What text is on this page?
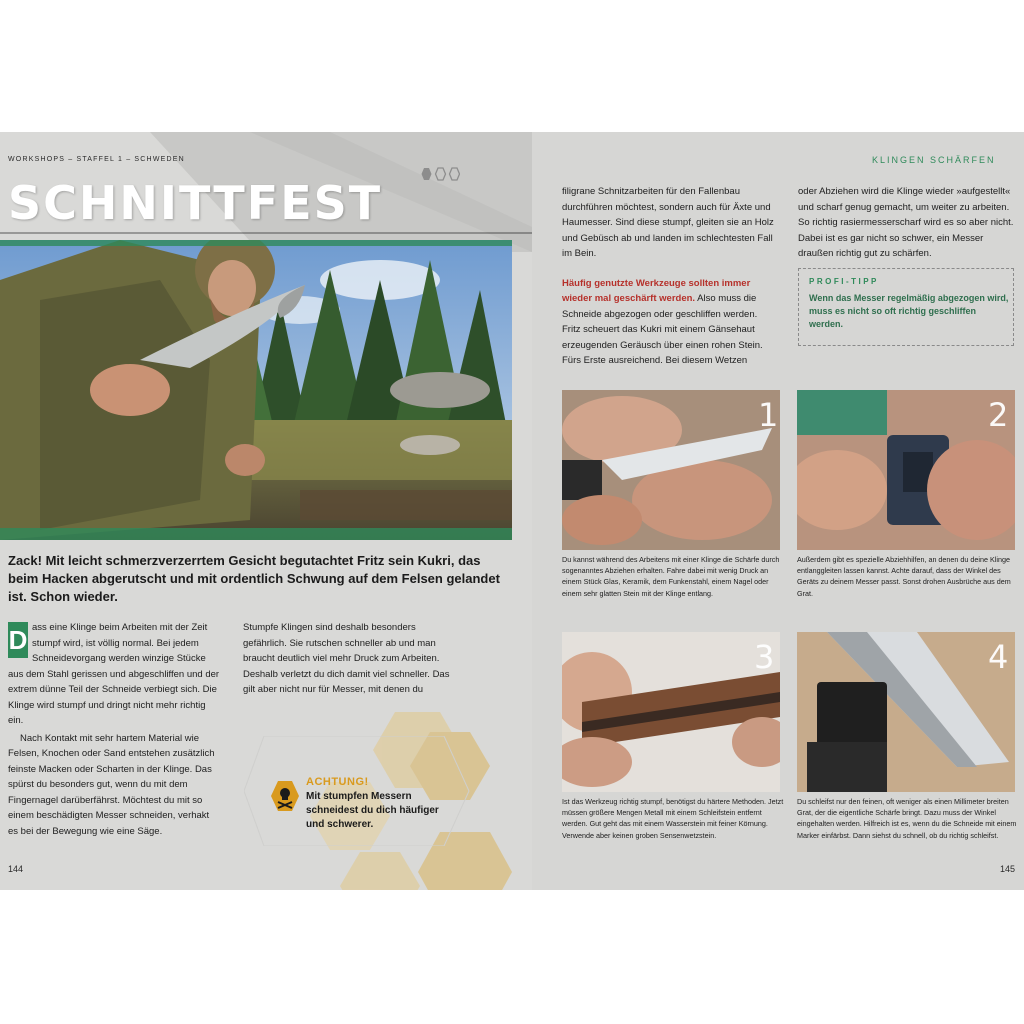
WORKSHOPS – STAFFEL 1 – SCHWEDEN
SCHNITTFEST
Zack! Mit leicht schmerzverzerrtem Gesicht begutachtet Fritz sein Kukri, das beim Hacken abgerutscht und mit ordentlich Schwung auf dem Felsen gelandet ist. Schon wieder.

D ass eine Klinge beim Arbeiten mit der Zeit stumpf wird, ist völlig normal. Bei jedem Schneidevorgang werden winzige Stücke aus dem Stahl gerissen und abgeschliffen und der extrem dünne Teil der Schneide verbiegt sich. Die Klinge wird stumpf und dringt nicht mehr richtig ein.

Nach Kontakt mit sehr hartem Material wie Felsen, Knochen oder Sand entstehen zusätzlich feinste Macken oder Scharten in der Klinge. Das spürst du besonders gut, wenn du mit dem Fingernagel darüberfährst. Möchtest du mit so einem beschädigten Messer schneiden, verhakt es bei der Bewegung wie eine Säge.

Stumpfe Klingen sind deshalb besonders gefährlich. Sie rutschen schneller ab und man braucht deutlich viel mehr Druck zum Arbeiten. Deshalb verletzt du dich damit viel schneller. Das gilt aber nicht nur für Messer, mit denen du

ACHTUNG!
Mit stumpfen Messern schneidest du dich häufiger und schwerer.
144
KLINGEN SCHÄRFEN

filigrane Schnitzarbeiten für den Fallenbau durchführen möchtest, sondern auch für Äxte und Haumesser. Sind diese stumpf, gleiten sie an Holz und Gebüsch ab und landen im schlechtesten Fall im Bein.

Häufig genutzte Werkzeuge sollten immer wieder mal geschärft werden. Also muss die Schneide abgezogen oder geschliffen werden. Fritz scheuert das Kukri mit einem Gänsehaut erzeugenden Geräusch über einen rohen Stein. Fürs Erste ausreichend. Bei diesem Wetzen

oder Abziehen wird die Klinge wieder »aufgestellt« und scharf genug gemacht, um weiter zu arbeiten. So richtig rasiermesserscharf wird es so aber nicht. Dabei ist es gar nicht so schwer, ein Messer draußen richtig gut zu schärfen.

PROFI-TIPP
Wenn das Messer regelmäßig abgezogen wird, muss es nicht so oft richtig geschliffen werden.
1	2
Du kannst während des Arbeitens mit einer Klinge die Schärfe durch sogenanntes Abziehen erhalten. Fahre dabei mit wenig Druck an einem Stück Glas, Keramik, dem Funkenstahl, einem Nagel oder einem sehr glatten Stein mit der Klinge entlang.
Außerdem gibt es spezielle Abziehhilfen, an denen du deine Klinge entlanggleiten lassen kannst. Achte darauf, dass der Winkel des Geräts zu deinem Messer passt. Sonst drohen Ausbrüche aus dem Grat.
3	4
Ist das Werkzeug richtig stumpf, benötigst du härtere Methoden. Jetzt müssen größere Mengen Metall mit einem Schleifstein entfernt werden. Gut geht das mit einem Wasserstein mit feiner Körnung. Verwende aber keinen groben Sensenwetzstein.
Du schleifst nur den feinen, oft weniger als einen Millimeter breiten Grat, der die eigentliche Schärfe bringt. Dazu muss der Winkel eingehalten werden. Hilfreich ist es, wenn du die Schneide mit einem Marker einfärbst. Dann siehst du schnell, ob du richtig schleifst.
145
